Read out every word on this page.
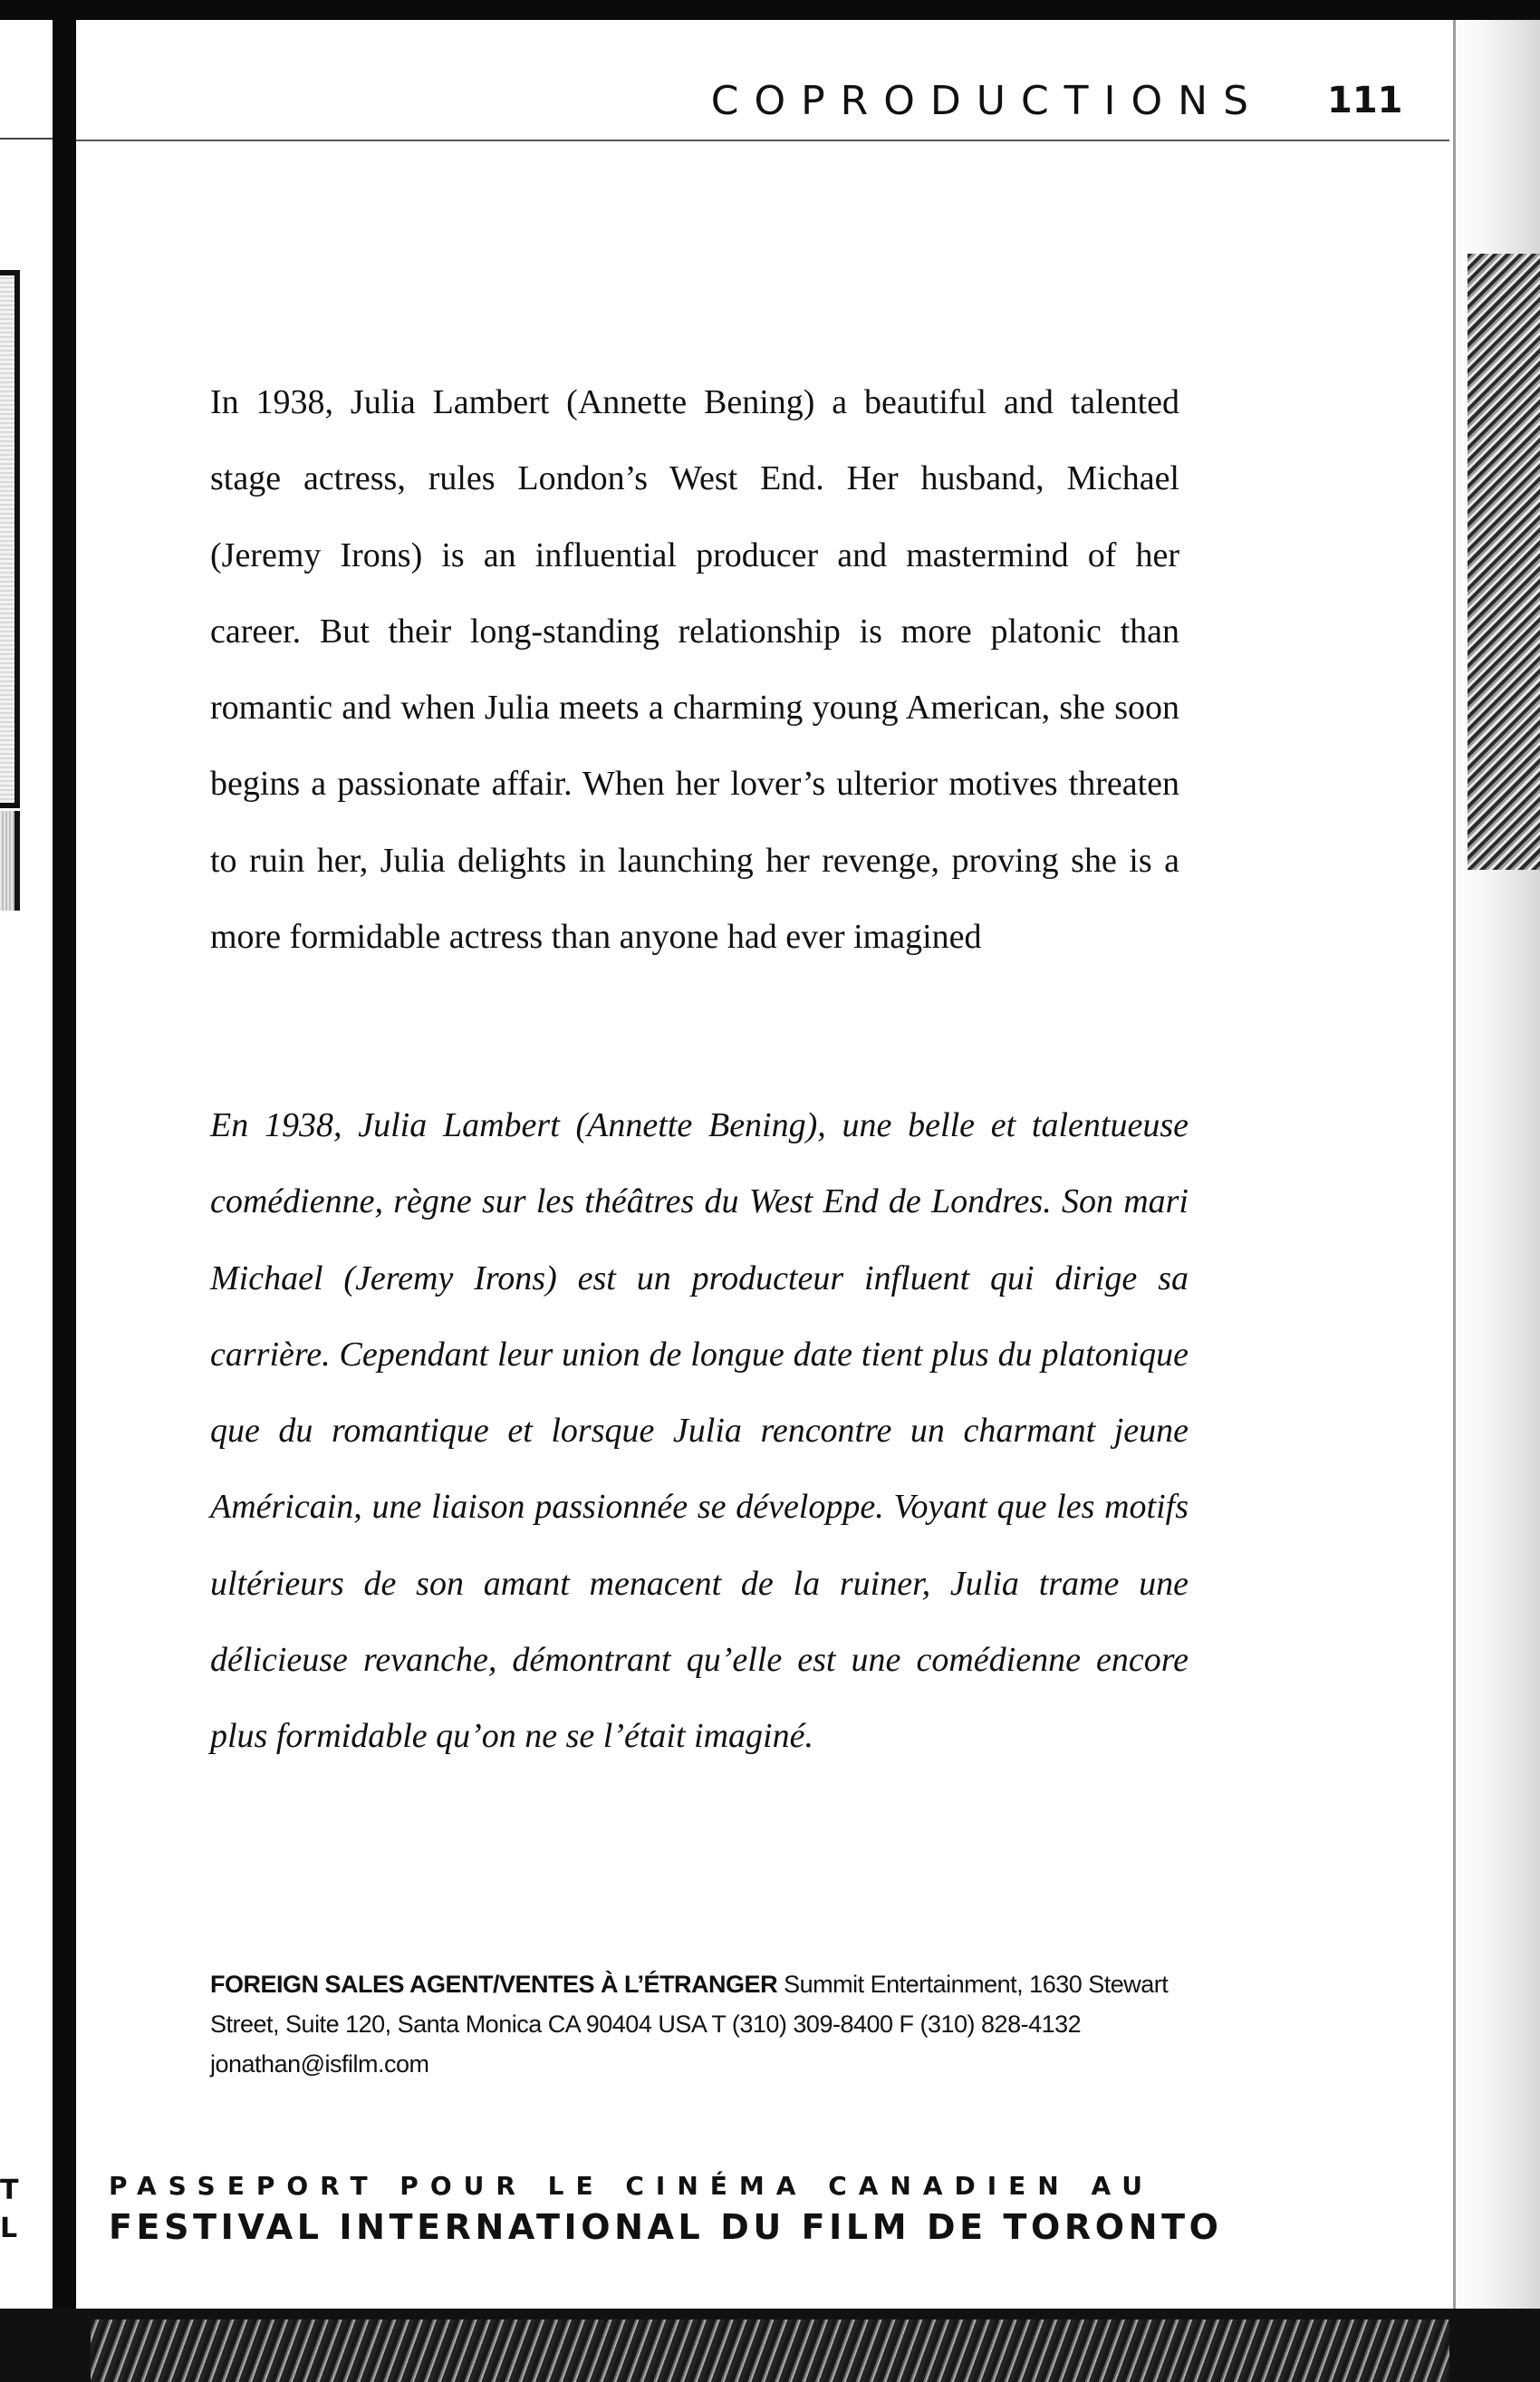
T
L
COPRODUCTIONS 111

In 1938, Julia Lambert (Annette Bening) a beautiful and talented stage actress, rules London’s West End. Her husband, Michael (Jeremy Irons) is an influential producer and mastermind of her career. But their long-standing relationship is more platonic than romantic and when Julia meets a charming young American, she soon begins a passionate affair. When her lover’s ulterior motives threaten to ruin her, Julia delights in launching her revenge, proving she is a more formidable actress than anyone had ever imagined

En 1938, Julia Lambert (Annette Bening), une belle et talentueuse comédienne, règne sur les théâtres du West End de Londres. Son mari Michael (Jeremy Irons) est un producteur influent qui dirige sa carrière. Cependant leur union de longue date tient plus du platonique que du romantique et lorsque Julia rencontre un charmant jeune Américain, une liaison passionnée se développe. Voyant que les motifs ultérieurs de son amant menacent de la ruiner, Julia trame une délicieuse revanche, démontrant qu’elle est une comédienne encore plus formidable qu’on ne se l’était imaginé.

FOREIGN SALES AGENT/VENTES À L’ÉTRANGER Summit Entertainment, 1630 Stewart Street, Suite 120, Santa Monica CA 90404 USA T (310) 309-8400 F (310) 828-4132 jonathan@isfilm.com
PASSEPORT POUR LE CINÉMA CANADIEN AU
FESTIVAL INTERNATIONAL DU FILM DE TORONTO
